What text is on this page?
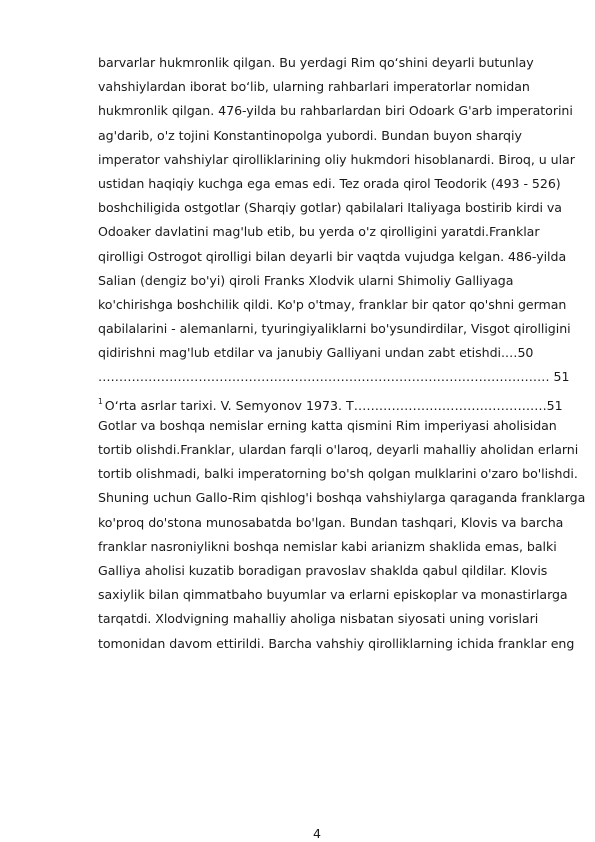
barvarlar hukmronlik qilgan. Bu yerdagi Rim qo‘shini deyarli butunlay
vahshiylardan iborat bo‘lib, ularning rahbarlari imperatorlar nomidan
hukmronlik qilgan. 476-yilda bu rahbarlardan biri Odoark G'arb imperatorini
ag'darib, o'z tojini Konstantinopolga yubordi. Bundan buyon sharqiy
imperator vahshiylar qirolliklarining oliy hukmdori hisoblanardi. Biroq, u ular
ustidan haqiqiy kuchga ega emas edi. Tez orada qirol Teodorik (493 - 526)
boshchiligida ostgotlar (Sharqiy gotlar) qabilalari Italiyaga bostirib kirdi va
Odoaker davlatini mag'lub etib, bu yerda o'z qirolligini yaratdi.Franklar
qirolligi Ostrogot qirolligi bilan deyarli bir vaqtda vujudga kelgan. 486-yilda
Salian (dengiz bo'yi) qiroli Franks Xlodvik ularni Shimoliy Galliyaga
ko'chirishga boshchilik qildi. Ko'p o'tmay, franklar bir qator qo'shni german
qabilalarini - alemanlarni, tyuringiyaliklarni bo'ysundirdilar, Visgot qirolligini
qidirishni mag'lub etdilar va janubiy Galliyani undan zabt etishdi.…50
……………………………………………………………………………………………… 51
$^1$ O‘rta asrlar tarixi. V. Semyonov 1973. T……………………………………….51
Gotlar va boshqa nemislar erning katta qismini Rim imperiyasi aholisidan
tortib olishdi.Franklar, ulardan farqli o'laroq, deyarli mahalliy aholidan erlarni
tortib olishmadi, balki imperatorning bo'sh qolgan mulklarini o'zaro bo'lishdi.
Shuning uchun Gallo-Rim qishlog'i boshqa vahshiylarga qaraganda franklarga
ko'proq do'stona munosabatda bo'lgan. Bundan tashqari, Klovis va barcha
franklar nasroniylikni boshqa nemislar kabi arianizm shaklida emas, balki
Galliya aholisi kuzatib boradigan pravoslav shaklda qabul qildilar. Klovis
saxiylik bilan qimmatbaho buyumlar va erlarni episkoplar va monastirlarga
tarqatdi. Xlodvigning mahalliy aholiga nisbatan siyosati uning vorislari
tomonidan davom ettirildi. Barcha vahshiy qirolliklarning ichida franklar eng
4
